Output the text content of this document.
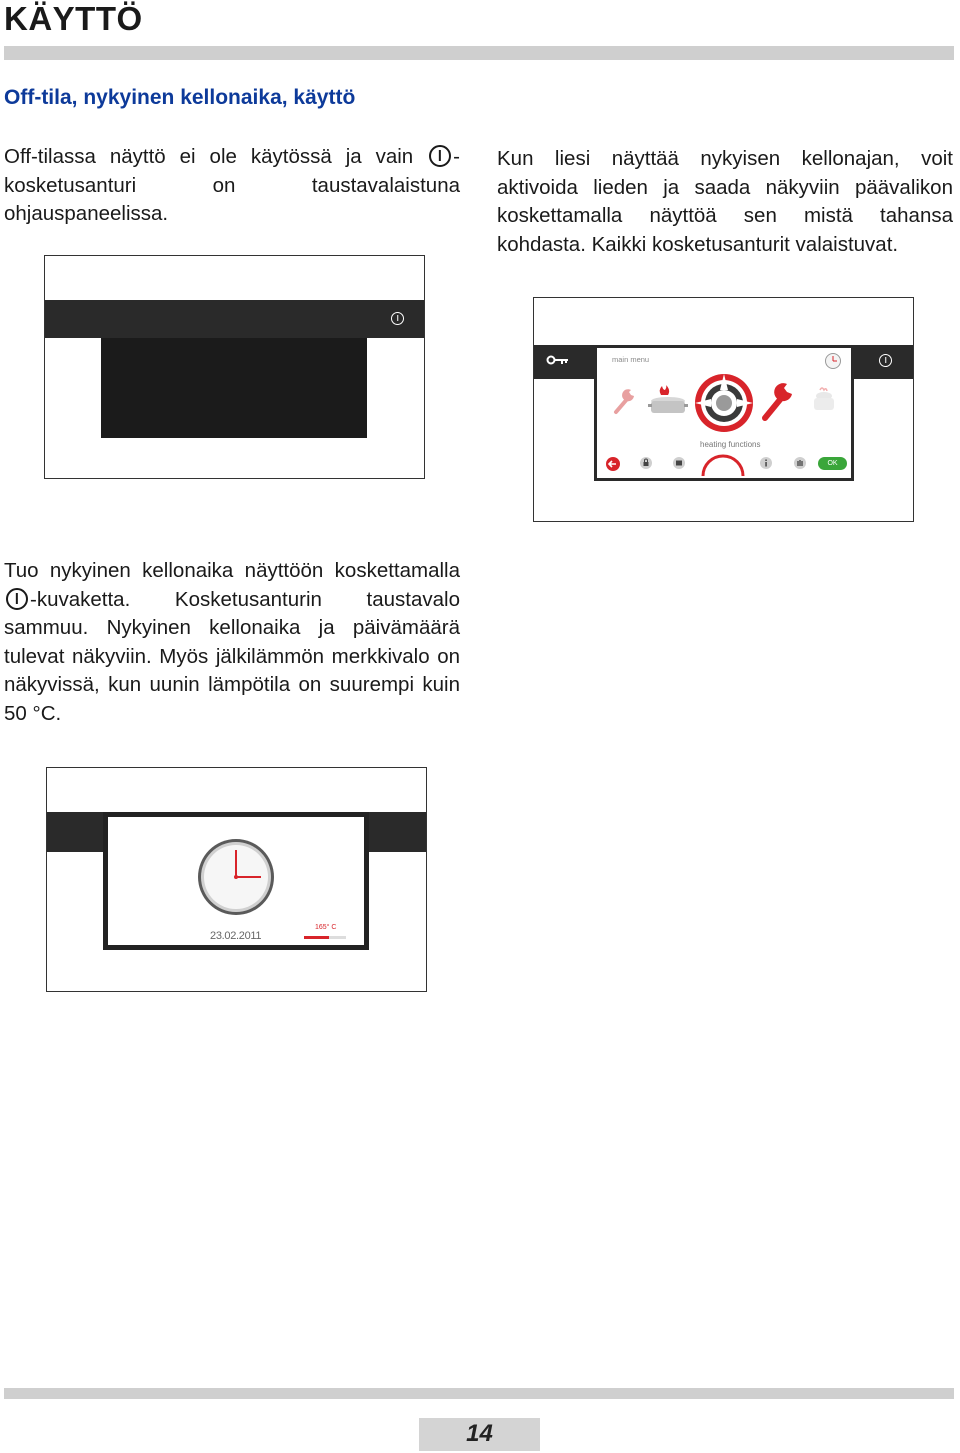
KÄYTTÖ
Off-tila, nykyinen kellonaika, käyttö
Off-tilassa näyttö ei ole käytössä ja vain -kosketusanturi on taustavalaistuna ohjauspaneelissa.
Kun liesi näyttää nykyisen kellonajan, voit aktivoida lieden ja saada näkyviin päävalikon koskettamalla näyttöä sen mistä tahansa kohdasta. Kaikki kosketusanturit valaistuvat.
main menu
heating functions
OK
Tuo nykyinen kellonaika näyttöön koskettamalla -kuvaketta. Kosketusanturin taustavalo sammuu. Nykyinen kellonaika ja päivämäärä tulevat näkyviin. Myös jälkilämmön merkkivalo on näkyvissä, kun uunin lämpötila on suurempi kuin 50 °C.
23.02.2011
165° C
14
